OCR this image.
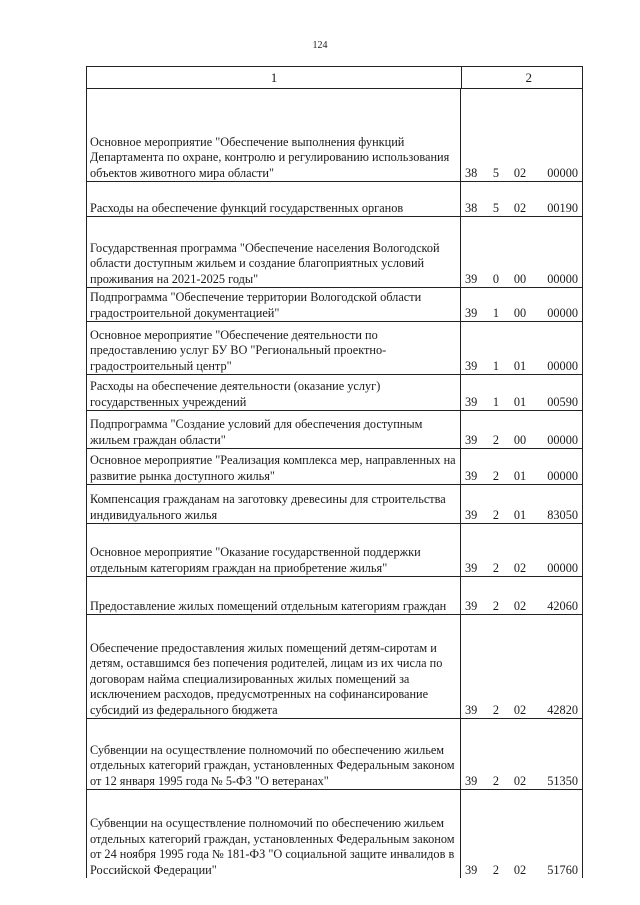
124
1	2
Основное мероприятие "Обеспечение выполнения функций Департамента по охране, контролю и регулированию использования объектов животного мира области"	38	5	02	00000
Расходы на обеспечение функций государственных органов	38	5	02	00190
Государственная программа "Обеспечение населения Вологодской области доступным жильем и создание благоприятных условий проживания на 2021-2025 годы"	39	0	00	00000
Подпрограмма "Обеспечение территории Вологодской области градостроительной документацией"	39	1	00	00000
Основное мероприятие "Обеспечение деятельности по предоставлению услуг БУ ВО "Региональный проектно-градостроительный центр"	39	1	01	00000
Расходы на обеспечение деятельности (оказание услуг) государственных учреждений	39	1	01	00590
Подпрограмма "Создание условий для обеспечения доступным жильем граждан области"	39	2	00	00000
Основное мероприятие "Реализация комплекса мер, направленных на развитие рынка доступного жилья"	39	2	01	00000
Компенсация гражданам на заготовку древесины для строительства индивидуального жилья	39	2	01	83050
Основное мероприятие "Оказание государственной поддержки отдельным категориям граждан на приобретение жилья"	39	2	02	00000
Предоставление жилых помещений отдельным категориям граждан	39	2	02	42060
Обеспечение предоставления жилых помещений детям-сиротам и детям, оставшимся без попечения родителей, лицам из их числа по договорам найма специализированных жилых помещений за исключением расходов, предусмотренных на софинансирование субсидий из федерального бюджета	39	2	02	42820
Субвенции на осуществление полномочий по обеспечению жильем отдельных категорий граждан, установленных Федеральным законом от 12 января 1995 года № 5-ФЗ "О ветеранах"	39	2	02	51350
Субвенции на осуществление полномочий по обеспечению жильем отдельных категорий граждан, установленных Федеральным законом от 24 ноября 1995 года № 181-ФЗ "О социальной защите инвалидов в Российской Федерации"	39	2	02	51760
